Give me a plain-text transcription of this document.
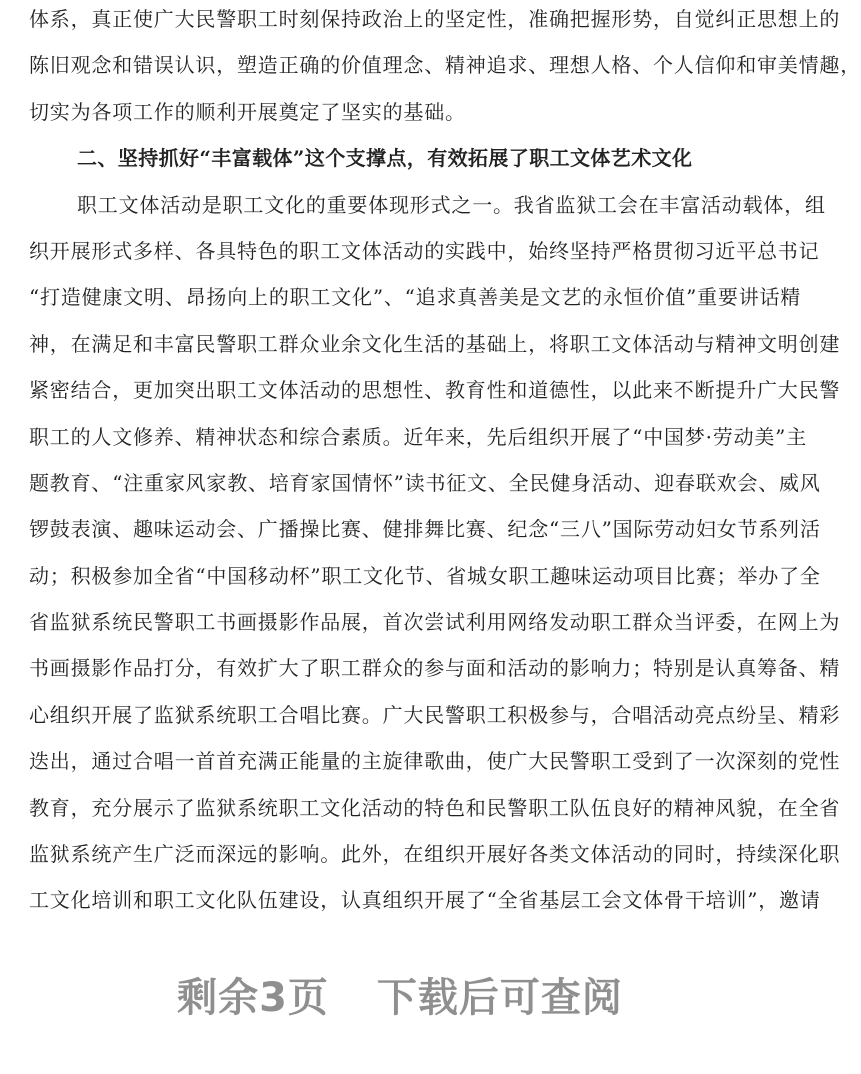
体系，真正使广大民警职工时刻保持政治上的坚定性，准确把握形势，自觉纠正思想上的
陈旧观念和错误认识，塑造正确的价值理念、精神追求、理想人格、个人信仰和审美情趣，
切实为各项工作的顺利开展奠定了坚实的基础。
二、坚持抓好“丰富载体”这个支撑点，有效拓展了职工文体艺术文化
职工文体活动是职工文化的重要体现形式之一。我省监狱工会在丰富活动载体，组
织开展形式多样、各具特色的职工文体活动的实践中，始终坚持严格贯彻习近平总书记
“打造健康文明、昂扬向上的职工文化”、“追求真善美是文艺的永恒价值”重要讲话精
神，在满足和丰富民警职工群众业余文化生活的基础上，将职工文体活动与精神文明创建
紧密结合，更加突出职工文体活动的思想性、教育性和道德性，以此来不断提升广大民警
职工的人文修养、精神状态和综合素质。近年来，先后组织开展了“中国梦·劳动美”主
题教育、“注重家风家教、培育家国情怀”读书征文、全民健身活动、迎春联欢会、威风
锣鼓表演、趣味运动会、广播操比赛、健排舞比赛、纪念“三八”国际劳动妇女节系列活
动；积极参加全省“中国移动杯”职工文化节、省城女职工趣味运动项目比赛；举办了全
省监狱系统民警职工书画摄影作品展，首次尝试利用网络发动职工群众当评委，在网上为
书画摄影作品打分，有效扩大了职工群众的参与面和活动的影响力；特别是认真筹备、精
心组织开展了监狱系统职工合唱比赛。广大民警职工积极参与，合唱活动亮点纷呈、精彩
迭出，通过合唱一首首充满正能量的主旋律歌曲，使广大民警职工受到了一次深刻的党性
教育，充分展示了监狱系统职工文化活动的特色和民警职工队伍良好的精神风貌，在全省
监狱系统产生广泛而深远的影响。此外，在组织开展好各类文体活动的同时，持续深化职
工文化培训和职工文化队伍建设，认真组织开展了“全省基层工会文体骨干培训”，邀请
剩余3页 下载后可查阅
